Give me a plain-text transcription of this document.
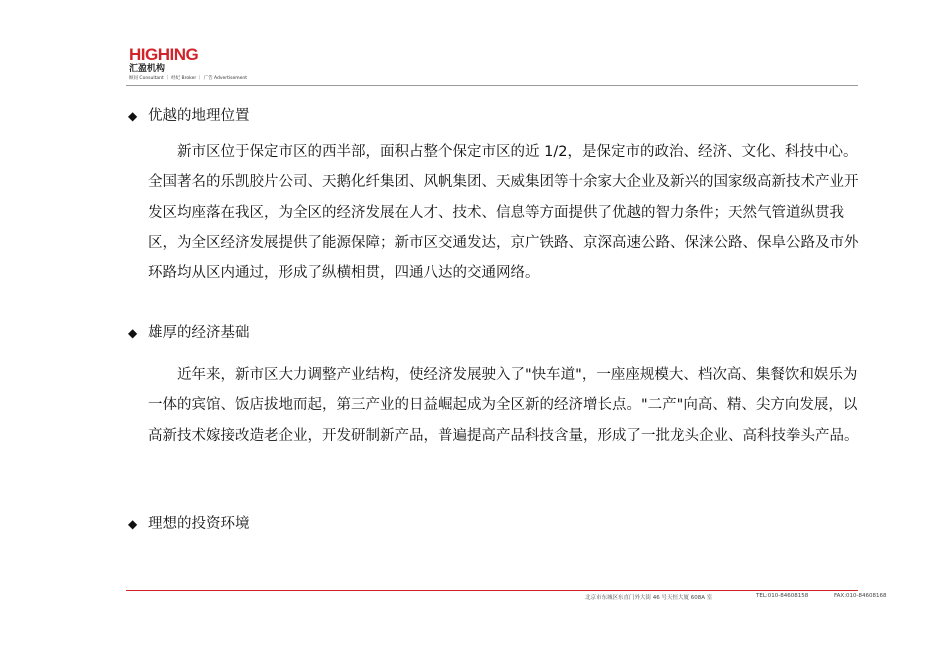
HIGHING
汇盈机构
顾问 Consultant ｜ 经纪 Broker ｜ 广告 Advertisement
◆ 优越的地理位置
新市区位于保定市区的西半部，面积占整个保定市区的近 1/2，是保定市的政治、经济、文化、科技中心。全国著名的乐凯胶片公司、天鹅化纤集团、风帆集团、天威集团等十余家大企业及新兴的国家级高新技术产业开发区均座落在我区，为全区的经济发展在人才、技术、信息等方面提供了优越的智力条件；天然气管道纵贯我区，为全区经济发展提供了能源保障；新市区交通发达，京广铁路、京深高速公路、保涞公路、保阜公路及市外环路均从区内通过，形成了纵横相贯，四通八达的交通网络。
◆ 雄厚的经济基础
近年来，新市区大力调整产业结构，使经济发展驶入了"快车道"，一座座规模大、档次高、集餐饮和娱乐为一体的宾馆、饭店拔地而起，第三产业的日益崛起成为全区新的经济增长点。"二产"向高、精、尖方向发展，以高新技术嫁接改造老企业，开发研制新产品，普遍提高产品科技含量，形成了一批龙头企业、高科技拳头产品。
◆ 理想的投资环境
北京市东城区东直门外大街 46 号天恒大厦 608A 室	TEL:010-84608158	FAX:010-84608168
